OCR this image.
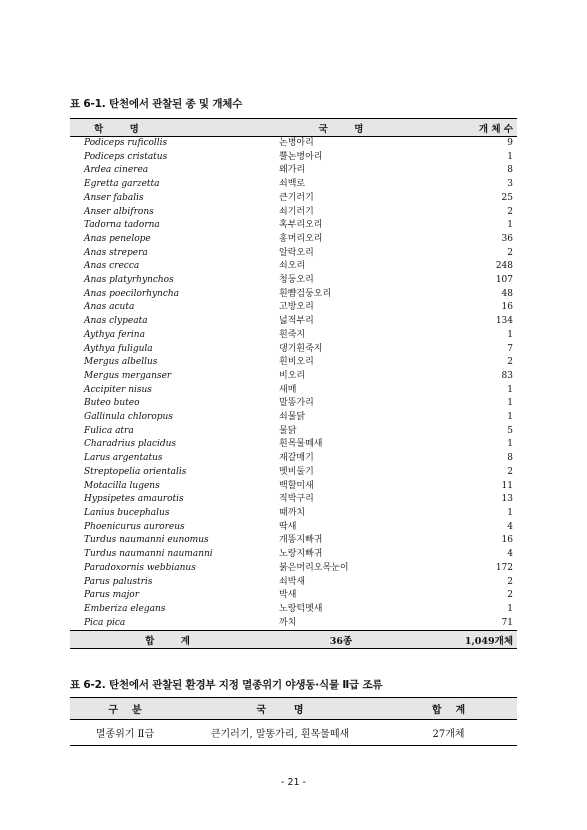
표 6-1. 탄천에서 관찰된 종 및 개체수
학        명	국        명	개 체 수
Podiceps ruficollis	논병아리	9
Podiceps cristatus	뿔논병아리	1
Ardea cinerea	왜가리	8
Egretta garzetta	쇠백로	3
Anser fabalis	큰기러기	25
Anser albifrons	쇠기러기	2
Tadorna tadorna	혹부리오리	1
Anas penelope	홍머리오리	36
Anas strepera	알락오리	2
Anas crecca	쇠오리	248
Anas platyrhynchos	청둥오리	107
Anas poecilorhyncha	흰뺨검둥오리	48
Anas acuta	고방오리	16
Anas clypeata	넓적부리	134
Aythya ferina	흰죽지	1
Aythya fuligula	댕기흰죽지	7
Mergus albellus	흰비오리	2
Mergus merganser	비오리	83
Accipiter nisus	새매	1
Buteo buteo	말똥가리	1
Gallinula chloropus	쇠물닭	1
Fulica atra	물닭	5
Charadrius placidus	흰목물떼새	1
Larus argentatus	재갈매기	8
Streptopelia orientalis	멧비둘기	2
Motacilla lugens	백할미새	11
Hypsipetes amaurotis	직박구리	13
Lanius bucephalus	때까치	1
Phoenicurus auroreus	딱새	4
Turdus naumanni eunomus	개똥지빠귀	16
Turdus naumanni naumanni	노랑지빠귀	4
Paradoxornis webbianus	붉은머리오목눈이	172
Parus palustris	쇠박새	2
Parus major	박새	2
Emberiza elegans	노랑턱멧새	1
Pica pica	까치	71
합        계	36종	1,049개체
표 6-2. 탄천에서 관찰된 환경부 지정 멸종위기 야생동·식물 Ⅱ급 조류
구    분	국        명	합    계
멸종위기 Ⅱ급	큰기러기, 말똥가리, 흰목물떼새	27개체
- 21 -
